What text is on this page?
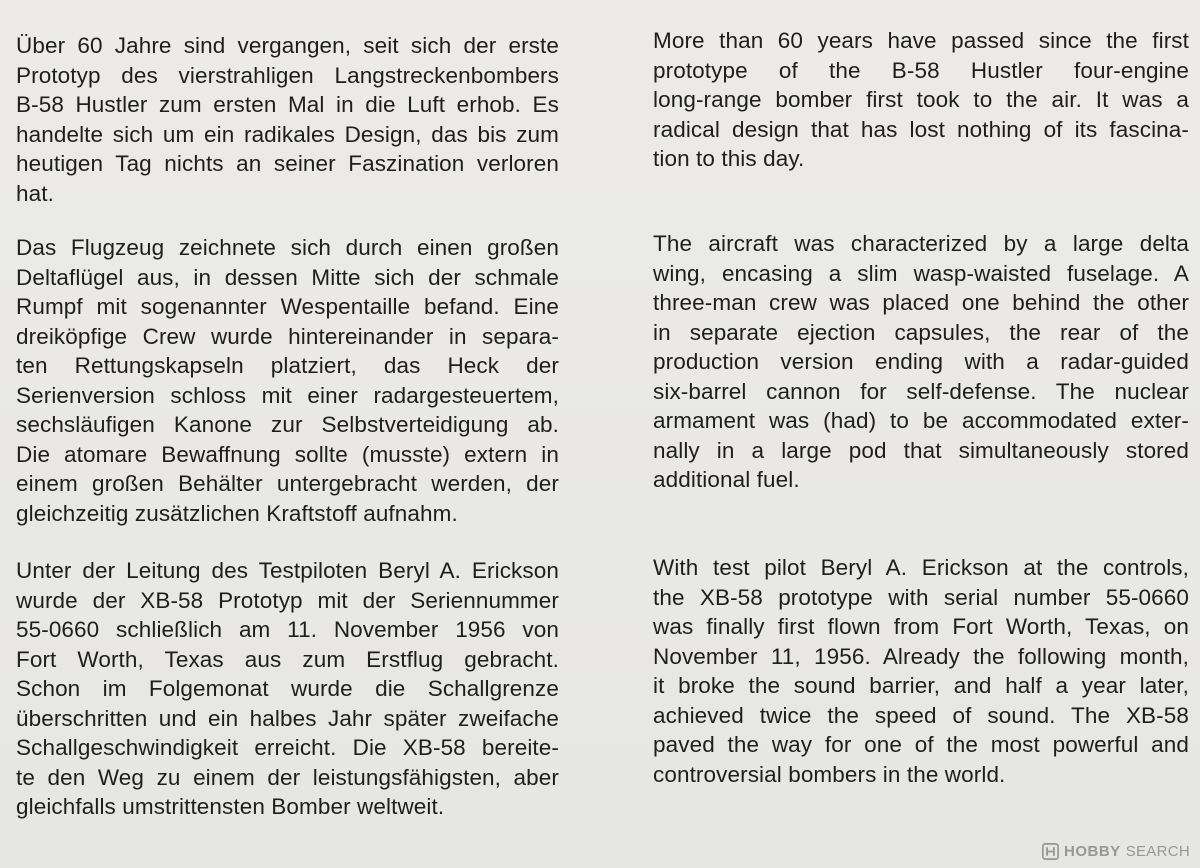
Über 60 Jahre sind vergangen, seit sich der erste
Prototyp des vierstrahligen Langstreckenbombers
B-58 Hustler zum ersten Mal in die Luft erhob. Es
handelte sich um ein radikales Design, das bis zum
heutigen Tag nichts an seiner Faszination verloren
hat.
Das Flugzeug zeichnete sich durch einen großen
Deltaflügel aus, in dessen Mitte sich der schmale
Rumpf mit sogenannter Wespentaille befand. Eine
dreiköpfige Crew wurde hintereinander in separa-
ten Rettungskapseln platziert, das Heck der
Serienversion schloss mit einer radargesteuertem,
sechsläufigen Kanone zur Selbstverteidigung ab.
Die atomare Bewaffnung sollte (musste) extern in
einem großen Behälter untergebracht werden, der
gleichzeitig zusätzlichen Kraftstoff aufnahm.
Unter der Leitung des Testpiloten Beryl A. Erickson
wurde der XB-58 Prototyp mit der Seriennummer
55-0660 schließlich am 11. November 1956 von
Fort Worth, Texas aus zum Erstflug gebracht.
Schon im Folgemonat wurde die Schallgrenze
überschritten und ein halbes Jahr später zweifache
Schallgeschwindigkeit erreicht. Die XB-58 bereite-
te den Weg zu einem der leistungsfähigsten, aber
gleichfalls umstrittensten Bomber weltweit.
More than 60 years have passed since the first
prototype of the B-58 Hustler four-engine
long-range bomber first took to the air. It was a
radical design that has lost nothing of its fascina-
tion to this day.
The aircraft was characterized by a large delta
wing, encasing a slim wasp-waisted fuselage. A
three-man crew was placed one behind the other
in separate ejection capsules, the rear of the
production version ending with a radar-guided
six-barrel cannon for self-defense. The nuclear
armament was (had) to be accommodated exter-
nally in a large pod that simultaneously stored
additional fuel.
With test pilot Beryl A. Erickson at the controls,
the XB-58 prototype with serial number 55-0660
was finally first flown from Fort Worth, Texas, on
November 11, 1956. Already the following month,
it broke the sound barrier, and half a year later,
achieved twice the speed of sound. The XB-58
paved the way for one of the most powerful and
controversial bombers in the world.
HOBBY SEARCH
